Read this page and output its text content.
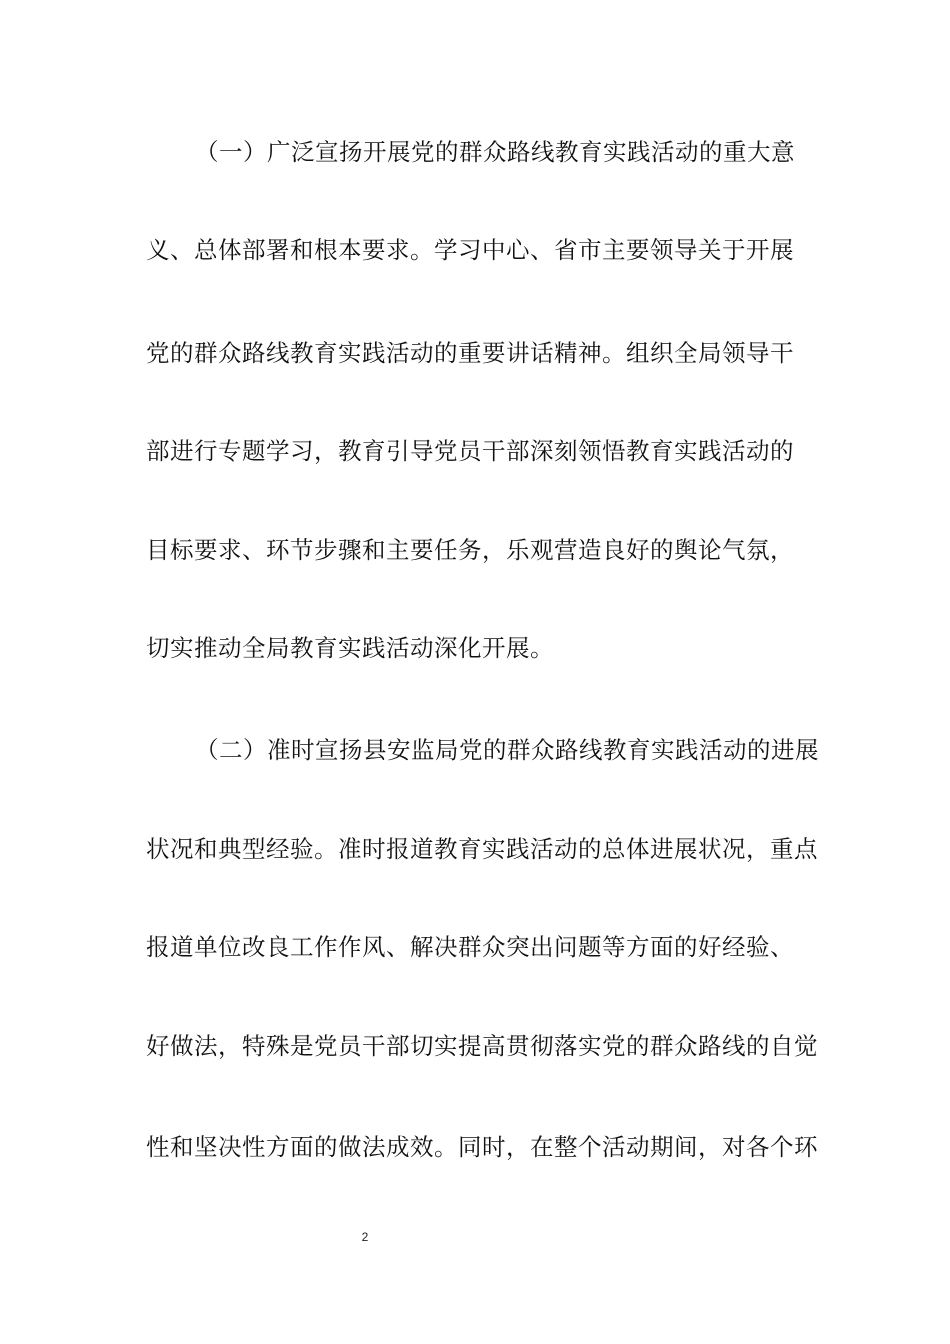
（一）广泛宣扬开展党的群众路线教育实践活动的重大意
义、总体部署和根本要求。学习中心、省市主要领导关于开展
党的群众路线教育实践活动的重要讲话精神。组织全局领导干
部进行专题学习，教育引导党员干部深刻领悟教育实践活动的
目标要求、环节步骤和主要任务，乐观营造良好的舆论气氛，
切实推动全局教育实践活动深化开展。
（二）准时宣扬县安监局党的群众路线教育实践活动的进展
状况和典型经验。准时报道教育实践活动的总体进展状况，重点
报道单位改良工作作风、解决群众突出问题等方面的好经验、
好做法，特殊是党员干部切实提高贯彻落实党的群众路线的自觉
性和坚决性方面的做法成效。同时，在整个活动期间，对各个环
2
